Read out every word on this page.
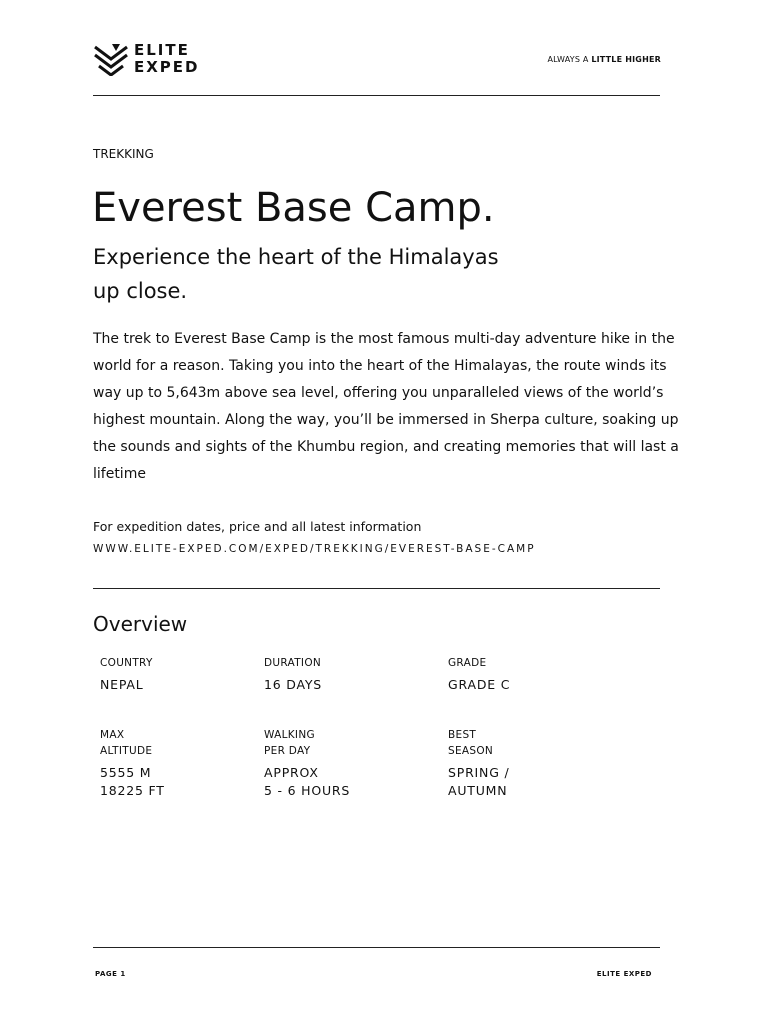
ELITE
EXPED	ALWAYS A LITTLE HIGHER
TREKKING
Everest Base Camp.
Experience the heart of the Himalayas up close.
The trek to Everest Base Camp is the most famous multi-day adventure hike in the world for a reason. Taking you into the heart of the Himalayas, the route winds its way up to 5,643m above sea level, offering you unparalleled views of the world’s highest mountain. Along the way, you’ll be immersed in Sherpa culture, soaking up the sounds and sights of the Khumbu region, and creating memories that will last a lifetime
For expedition dates, price and all latest information
WWW.ELITE-EXPED.COM/EXPED/TREKKING/EVEREST-BASE-CAMP
Overview
COUNTRY
NEPAL
DURATION
16 DAYS
GRADE
GRADE C
MAX
ALTITUDE
5555 M
18225 FT
WALKING
PER DAY
APPROX
5 - 6 HOURS
BEST
SEASON
SPRING /
AUTUMN
PAGE 1	ELITE EXPED
